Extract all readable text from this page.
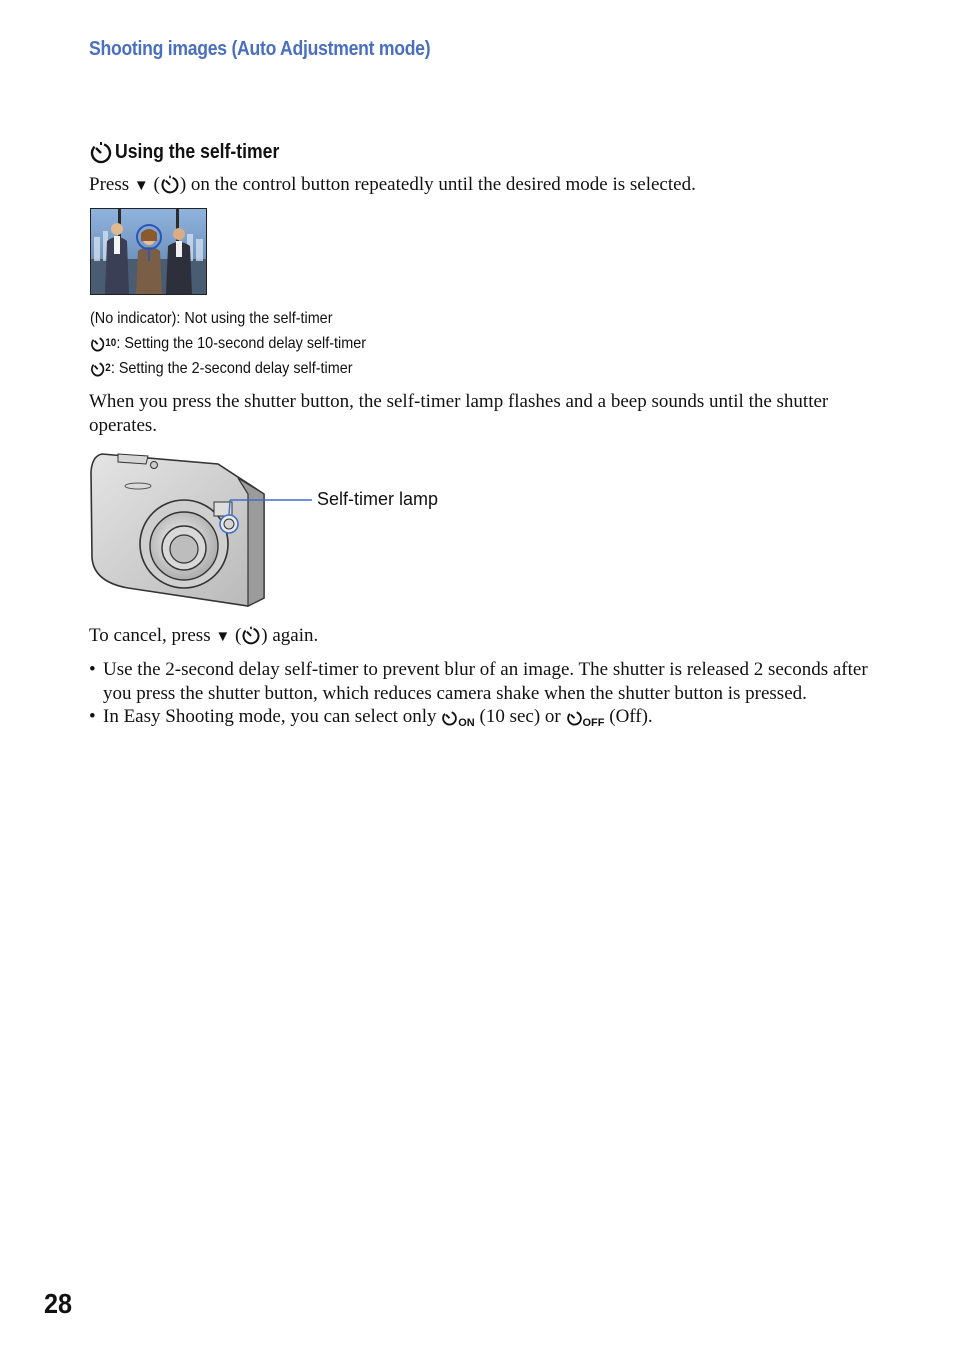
Shooting images (Auto Adjustment mode)
Using the self-timer
Press ▼ ( ) on the control button repeatedly until the desired mode is selected.
(No indicator): Not using the self-timer
10 : Setting the 10-second delay self-timer
2 : Setting the 2-second delay self-timer
When you press the shutter button, the self-timer lamp flashes and a beep sounds until the shutter operates.
Self-timer lamp
To cancel, press ▼ ( ) again.
• Use the 2-second delay self-timer to prevent blur of an image. The shutter is released 2 seconds after you press the shutter button, which reduces camera shake when the shutter button is pressed.
• In Easy Shooting mode, you can select only $_{ON}$ (10 sec) or $_{OFF}$ (Off).
28
